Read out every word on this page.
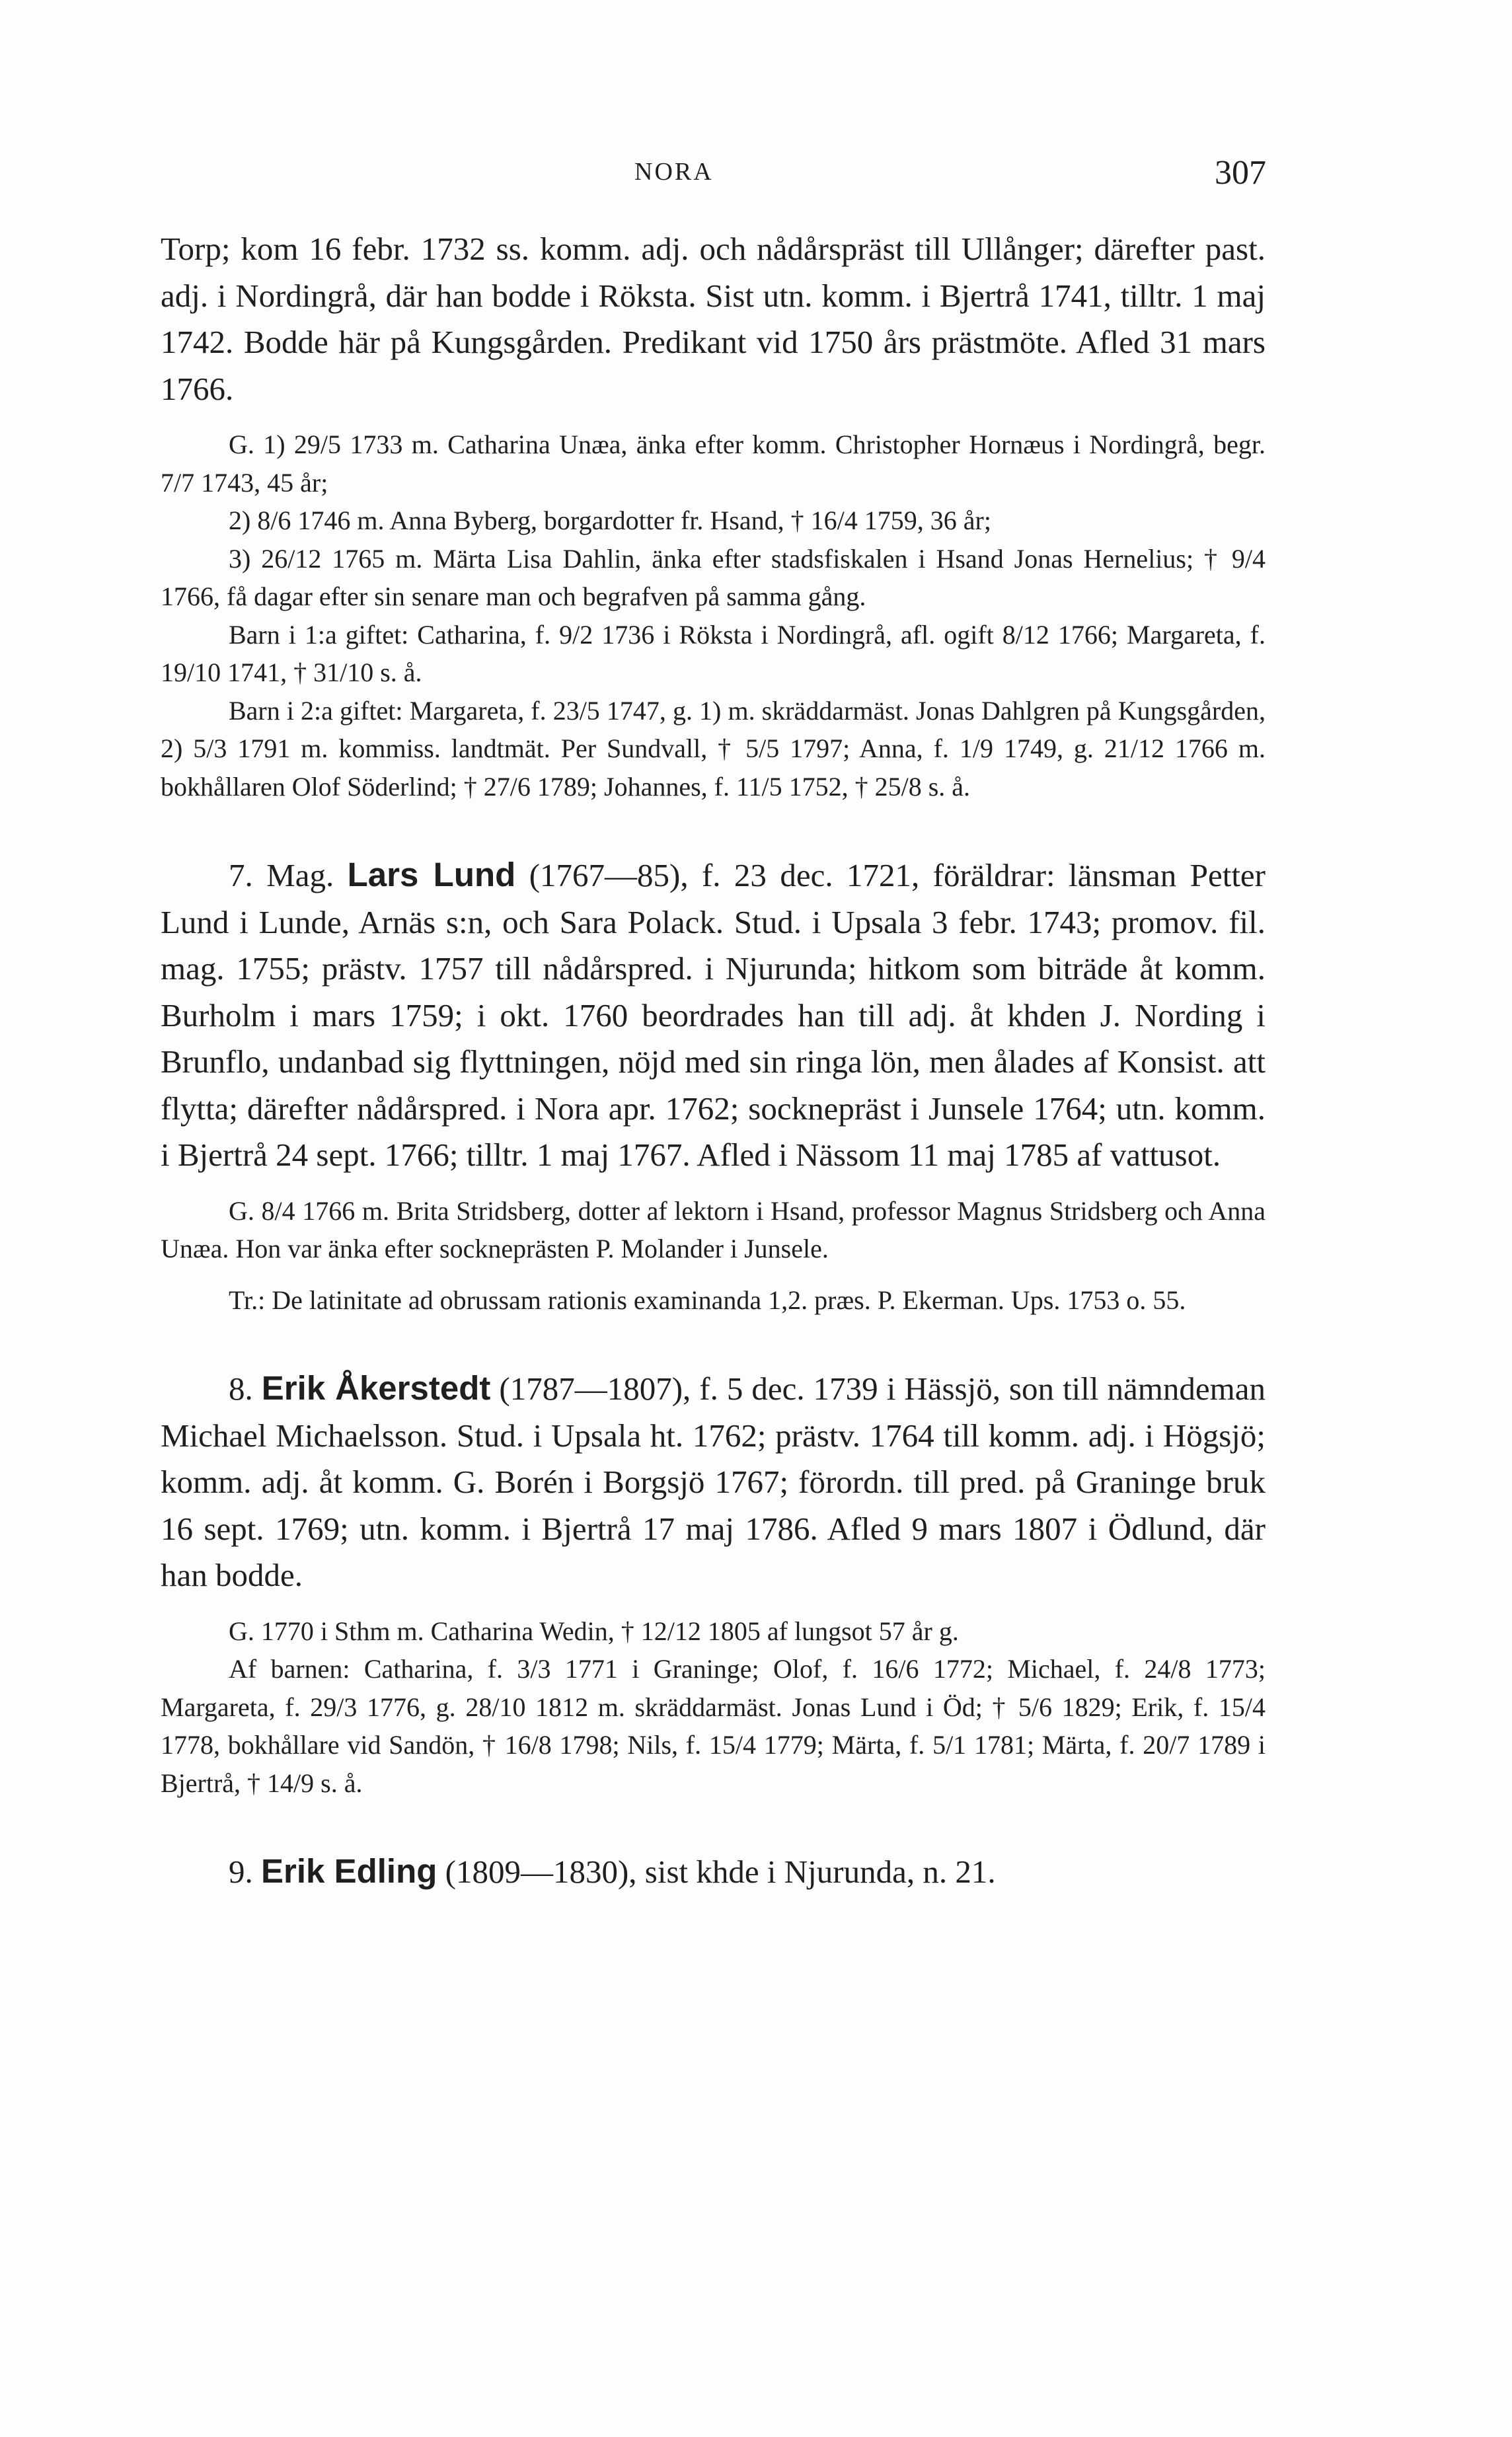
NORA	307

Torp; kom 16 febr. 1732 ss. komm. adj. och nådårspräst till Ullånger; därefter past. adj. i Nordingrå, där han bodde i Röksta. Sist utn. komm. i Bjertrå 1741, tilltr. 1 maj 1742. Bodde här på Kungsgården. Predikant vid 1750 års prästmöte. Afled 31 mars 1766.

G. 1) 29/5 1733 m. Catharina Unæa, änka efter komm. Christopher Hornæus i Nordingrå, begr. 7/7 1743, 45 år;

2) 8/6 1746 m. Anna Byberg, borgardotter fr. Hsand, † 16/4 1759, 36 år;

3) 26/12 1765 m. Märta Lisa Dahlin, änka efter stadsfiskalen i Hsand Jonas Hernelius; † 9/4 1766, få dagar efter sin senare man och begrafven på samma gång.

Barn i 1:a giftet: Catharina, f. 9/2 1736 i Röksta i Nordingrå, afl. ogift 8/12 1766; Margareta, f. 19/10 1741, † 31/10 s. å.

Barn i 2:a giftet: Margareta, f. 23/5 1747, g. 1) m. skräddarmäst. Jonas Dahlgren på Kungsgården, 2) 5/3 1791 m. kommiss. landtmät. Per Sundvall, † 5/5 1797; Anna, f. 1/9 1749, g. 21/12 1766 m. bokhållaren Olof Söderlind; † 27/6 1789; Johannes, f. 11/5 1752, † 25/8 s. å.

7. Mag. Lars Lund (1767—85), f. 23 dec. 1721, föräldrar: länsman Petter Lund i Lunde, Arnäs s:n, och Sara Polack. Stud. i Upsala 3 febr. 1743; promov. fil. mag. 1755; prästv. 1757 till nådårspred. i Njurunda; hitkom som biträde åt komm. Burholm i mars 1759; i okt. 1760 beordrades han till adj. åt khden J. Nording i Brunflo, undanbad sig flyttningen, nöjd med sin ringa lön, men ålades af Konsist. att flytta; därefter nådårspred. i Nora apr. 1762; socknepräst i Junsele 1764; utn. komm. i Bjertrå 24 sept. 1766; tilltr. 1 maj 1767. Afled i Nässom 11 maj 1785 af vattusot.

G. 8/4 1766 m. Brita Stridsberg, dotter af lektorn i Hsand, professor Magnus Stridsberg och Anna Unæa. Hon var änka efter sockneprästen P. Molander i Junsele.

Tr.: De latinitate ad obrussam rationis examinanda 1,2. præs. P. Ekerman. Ups. 1753 o. 55.

8. Erik Åkerstedt (1787—1807), f. 5 dec. 1739 i Hässjö, son till nämndeman Michael Michaelsson. Stud. i Upsala ht. 1762; prästv. 1764 till komm. adj. i Högsjö; komm. adj. åt komm. G. Borén i Borgsjö 1767; förordn. till pred. på Graninge bruk 16 sept. 1769; utn. komm. i Bjertrå 17 maj 1786. Afled 9 mars 1807 i Ödlund, där han bodde.

G. 1770 i Sthm m. Catharina Wedin, † 12/12 1805 af lungsot 57 år g.

Af barnen: Catharina, f. 3/3 1771 i Graninge; Olof, f. 16/6 1772; Michael, f. 24/8 1773; Margareta, f. 29/3 1776, g. 28/10 1812 m. skräddarmäst. Jonas Lund i Öd; † 5/6 1829; Erik, f. 15/4 1778, bokhållare vid Sandön, † 16/8 1798; Nils, f. 15/4 1779; Märta, f. 5/1 1781; Märta, f. 20/7 1789 i Bjertrå, † 14/9 s. å.

9. Erik Edling (1809—1830), sist khde i Njurunda, n. 21.
